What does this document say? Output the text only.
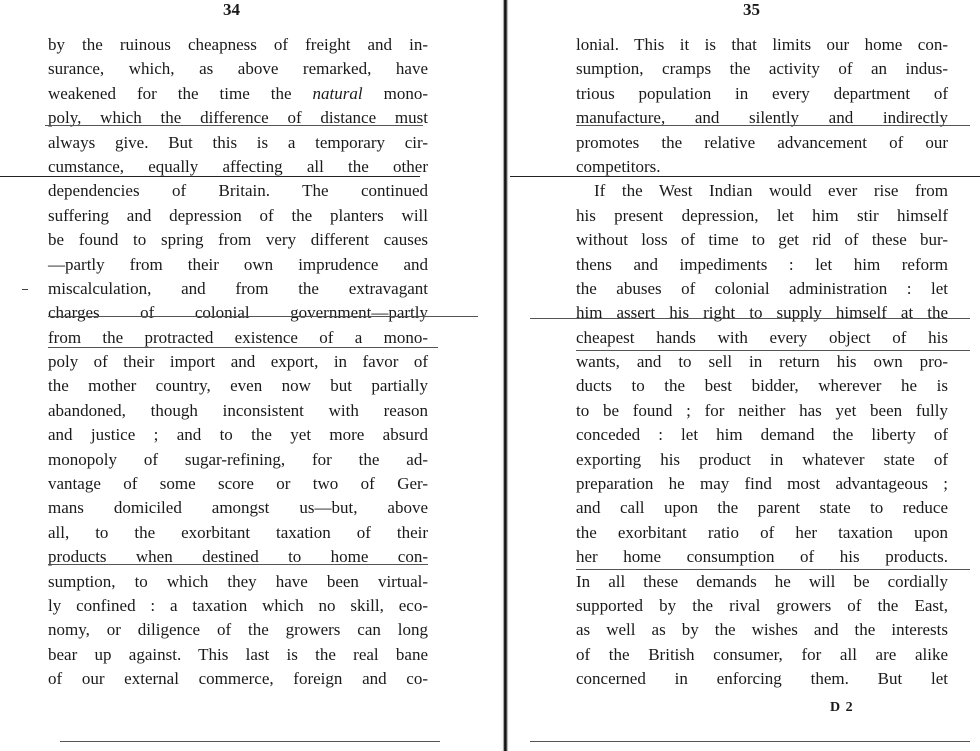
34
by the ruinous cheapness of freight and in-
surance, which, as above remarked, have
weakened for the time the natural mono-
poly, which the difference of distance must
always give. But this is a temporary cir-
cumstance, equally affecting all the other
dependencies of Britain. The continued
suffering and depression of the planters will
be found to spring from very different causes
—partly from their own imprudence and
miscalculation, and from the extravagant
charges of colonial government—partly
from the protracted existence of a mono-
poly of their import and export, in favor of
the mother country, even now but partially
abandoned, though inconsistent with reason
and justice ; and to the yet more absurd
monopoly of sugar-refining, for the ad-
vantage of some score or two of Ger-
mans domiciled amongst us—but, above
all, to the exorbitant taxation of their
products when destined to home con-
sumption, to which they have been virtual-
ly confined : a taxation which no skill, eco-
nomy, or diligence of the growers can long
bear up against. This last is the real bane
of our external commerce, foreign and co-
35
lonial. This it is that limits our home con-
sumption, cramps the activity of an indus-
trious population in every department of
manufacture, and silently and indirectly
promotes the relative advancement of our
competitors.
If the West Indian would ever rise from
his present depression, let him stir himself
without loss of time to get rid of these bur-
thens and impediments : let him reform
the abuses of colonial administration : let
him assert his right to supply himself at the
cheapest hands with every object of his
wants, and to sell in return his own pro-
ducts to the best bidder, wherever he is
to be found ; for neither has yet been fully
conceded : let him demand the liberty of
exporting his product in whatever state of
preparation he may find most advantageous ;
and call upon the parent state to reduce
the exorbitant ratio of her taxation upon
her home consumption of his products.
In all these demands he will be cordially
supported by the rival growers of the East,
as well as by the wishes and the interests
of the British consumer, for all are alike
concerned in enforcing them. But let
D 2
